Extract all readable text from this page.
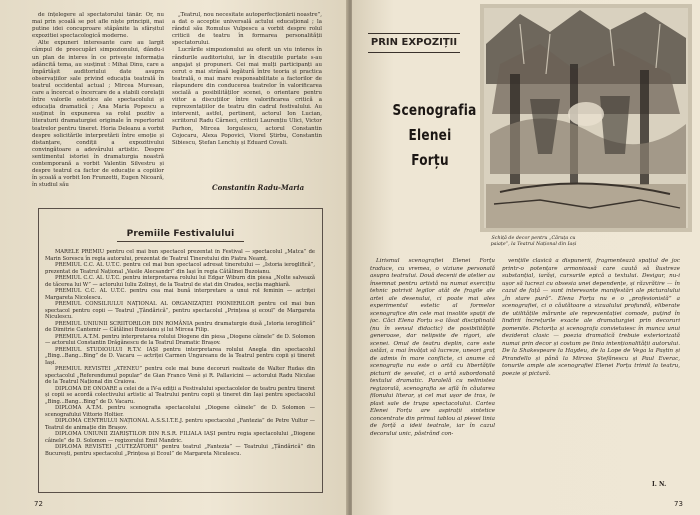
de înțelegere al spectatorului tânăr. Or, nu mai prin școală se pot afle niște principii, mai putine idei concuproare stăpânite la sfârșitul expozitiei spectacologică moderne.

Alte expuneri interesante care au largit câmpul de preocupări simpozionului, dându-i un plan de interes în ce privește informația adâncită tema, au susținut : Mihai Dinu, care a împărtășit auditoriului date asupra observațiilor sale privind educația teatrală în teatrul occidental actual ; Mircea Muresan, care a încercat o încercare de a stabili corelații între valorile estetice ale spectacolului și educația dramatică ; Ana Maria Popescu a susținut în expunerea sa rolul pozitiv a literaturii dramaturgiei originale în repertoriul teatrelor pentru tineret. Horia Deleanu a vorbit despre solicitările interpretării între emoție și distanțare, condiții a expozitivului convingătoare a adevărului artistic. Despre sentimentul istoriei în dramaturgia noastră contemporană a vorbit Valentin Silvestru și despre teatrul ca factor de educație a copiilor în școală a vorbit Ion Frunzetti, Eugen Nicoară, în studiul său

„Teatrul, nou necesitate autoperfecționării noastre”, a dat o acceptie universală actului educațional ; la rândul său Romulus Vulpescu a vorbit despre rolul criticii de teatru în formarea personalității spectatorului.

Lucrările simpozionului au oferit un viu interes în rândurile auditoriului, iar în discuțiile purtate s-au angajat și propuneri. Cei mai mulți participanți au cerut o mai strânsă legătură între teoria și practica teatrală, o mai mare responsabilitate a factorilor de răspundere din conducerea teatrelor în valorificarea socială a posibilităților scenei, o orientare pentru viitor a discuțiilor între valorificarea critică a reprezentațiilor de teatru din cadrul festivalului. Au intervenit, astfel, pertinent, actorul Ion Lucian, scriitorul Radu Cârneci, criticii Laurențiu Ulici, Victor Parhon, Mircea Iorgulescu, actorul Constantin Cojocaru, Alexa Popovici, Viorel Știrbu, Constantin Sibiescu, Ștefan Lenchiș și Eduard Covali.

Constantin Radu-Maria
Premiile Festivalului

MARELE PREMIU pentru cel mai bun spectacol prezentat în Festival — spectacolul „Matca” de Marin Sorescu în regia autorului, prezentat de Teatrul Tineretului din Piatra Neamț.

PREMIUL C.C. AL U.T.C. pentru cel mai bun spectacol adresat tineretului — „Istoria ieroglifică”, prezentat de Teatrul Național „Vasile Alecsandri” din Iași în regia Cătălinei Buzoianu.

PREMIUL C.C. AL U.T.C. pentru interpretarea rolului lui Edgar Wiburn din piesa „Nolte salvează de tăcerea lui W” — actorului Iuliu Zolinyi, de la Teatrul de stat din Oradea, secția maghiară.

PREMIUL C.C. AL U.T.C. pentru cea mai bună interpretare a unui rol feminin — actriței Margareta Nicolescu.

PREMIUL CONSILIULUI NAȚIONAL AL ORGANIZAȚIEI PIONIERILOR pentru cel mai bun spectacol pentru copii — Teatrul „Țăndărică”, pentru spectacolul „Prințesa și ecoul” de Margareta Niculescu.

PREMIUL UNIUNII SCRIITORILOR DIN ROMÂNIA pentru dramaturgie dusă „Istoria ieroglifică” de Dimitrie Cantemir — Cătălinei Buzoianu și lui Mircea Filip.

PREMIUL A.T.M. pentru interpretarea rolului Diogene din piesa „Diogene câinele” de D. Solomon — actorului Constantin Drăgănescu de la Teatrul Dramatic Brașov.

PREMIUL STUDIOULUI R.T.V. IAȘI pentru interpretarea rolului Anegla din spectacolul „Bing...Bang...Bing” de D. Vacaru — actriței Carmen Ungureanu de la Teatrul pentru copii și tineret Iași.

PREMIUL REVISTEI „ATENEU” pentru cele mai bune decoruri realizate de Walter Rudas din spectacolul „Referendumul popular” de Gian Franco Venè și R. Pallavicini — actorului Radu Niculae de la Teatrul Național din Craiova.

DIPLOMA DE ONOARE a celei de a IV-a ediții a Festivalului spectacolelor de teatru pentru tineret și copii se acordă colectivului artistic al Teatrului pentru copii și tineret din Iași pentru spectacolul „Bing...Bang...Bing” de D. Vacaru.

DIPLOMA A.T.M. pentru scenografia spectacolului „Diogene câinele” de D. Solomon — scenografului Vittorio Holtier.

DIPLOMA CENTRULUI NAȚIONAL A.S.S.I.T.E.J. pentru spectacolul „Fantezia” de Petre Vultur — Teatrul de animație din Brașov.

DIPLOMA UNIUNII ZIARIȘTILOR DIN R.S.R. FILIALA IAȘI pentru regia spectacolului „Diogene câinele” de D. Solomon — regizorului Emil Mandric.

DIPLOMA REVISTEI „CUTEZĂTORII” pentru teatrul „Fantezia” — Teatrului „Țăndărică” din București, pentru spectacolul „Prințesa și Ecoul” de Margareta Niculescu.

72
PRIN EXPOZIȚII
Scenografia
Elenei
Forțu
Schiță de decor pentru „Căruța cu paiațe”, la Teatrul Național din Iași

Lirismul scenografiei Elenei Forțu traduce, cu vremea, o viziune personală asupra teatrului. Două decenii de atelier au însemnat pentru artistă nu numai exercițiu tehnic potrivit legilor atât de fragile ale artei ale desenului, ci poate mai ales experimentul estetic al formelor scenografice din cele mai insolite spații de joc. Căci Elena Forțu s-a lăsat disciplinată (nu în sensul didactic) de posibilitățile generoase, dar nelipsite de rigori, ale scenei. Omul de teatru deplin, care este astăzi, a mai învățat să lucreze, uneori graț de admis în mare conflicte, ci anume că scenografia nu este o artă cu libertățile picturii de șevalet, ci o artă subordonată textului dramatic. Paralelă cu nelinistea regizorală, scenografia se află în căutarea filonului literar, și cel mai ușor de tras, le plast sale de trupa spectacolului. Cartea Elenei Forțu are aspirații sintetice concentrate din primul tablou al piesei linia de forță a ideii teatrale, iar în cazul decorului unic, păstrând con-

vențiile clasică a dispunerii, fragmentează spațiul de joc printr-o potențare armonioasă care caută să îlustreze substanțial, iarăși, cursurile epică a textului. Desigur, nu-i ușor să lucrezi cu obsesia unei dependențe, și răzvrătire — în cazul de față — sunt interesante manifestări ale picturalului „în stare pură”. Elena Forțu nu e o „profesionistă” a scenografiei, ci o căutătoare a vizualului profundă, eliberate de utilitățile mărunte ale reprezentației comode, puțind în lindirii încrețurile exacte ale dramaturgiei prin decoruri pomenite. Pictorița și scenografa convietuiesc în munca unui deziderat clasic — poezia dramatică trebuie exteriorizată numai prin decor și costum pe linia intenționalității autorului. De la Shakespeare la Haydeu, de la Lope de Vega la Paștin și Pirandello și până la Mircea Ștefănescu și Paul Everac, tonurile ample ale scenografiei Elenei Forțu trimit la teatru, poezie și pictură.

I. N.
73
